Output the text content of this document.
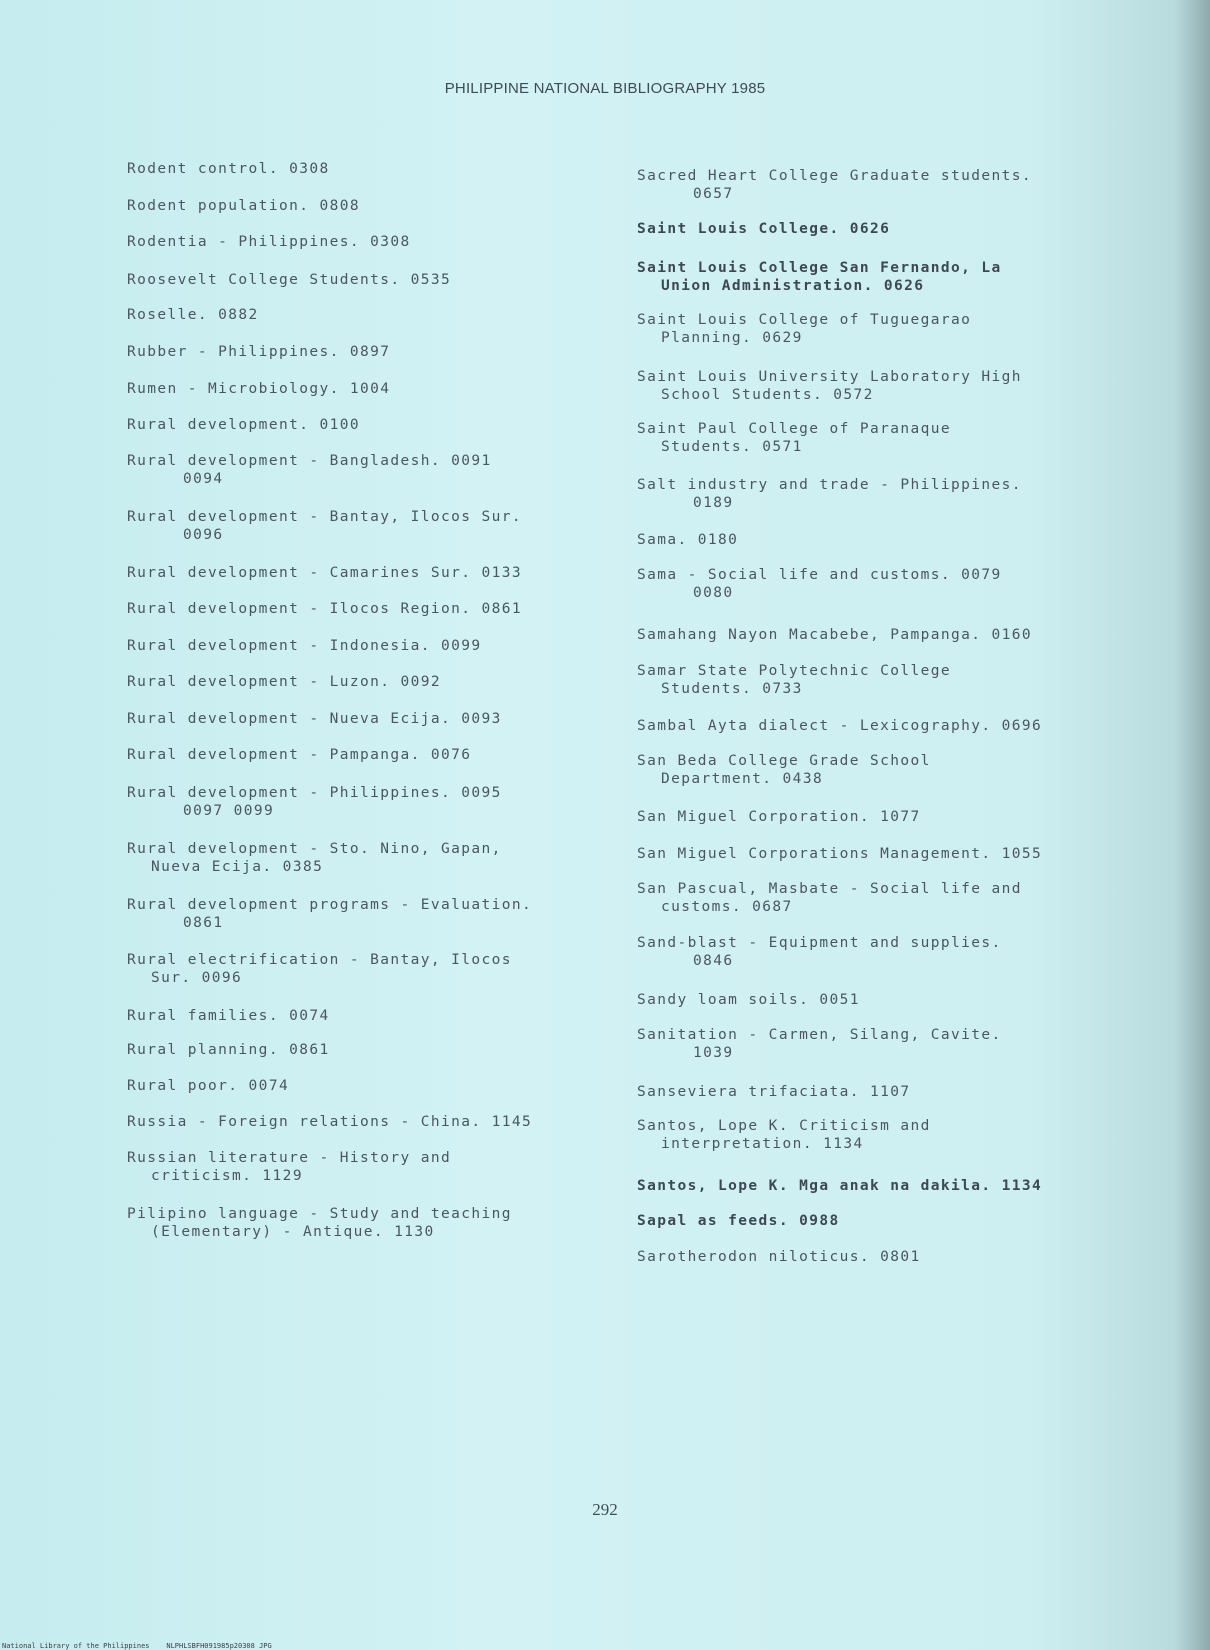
PHILIPPINE NATIONAL BIBLIOGRAPHY 1985
Rodent control. 0308
Rodent population. 0808
Rodentia - Philippines. 0308
Roosevelt College Students. 0535
Roselle. 0882
Rubber - Philippines. 0897
Rumen - Microbiology. 1004
Rural development. 0100
Rural development - Bangladesh. 0091
0094
Rural development - Bantay, Ilocos Sur.
0096
Rural development - Camarines Sur. 0133
Rural development - Ilocos Region. 0861
Rural development - Indonesia. 0099
Rural development - Luzon. 0092
Rural development - Nueva Ecija. 0093
Rural development - Pampanga. 0076
Rural development - Philippines. 0095
0097 0099
Rural development - Sto. Nino, Gapan,
Nueva Ecija. 0385
Rural development programs - Evaluation.
0861
Rural electrification - Bantay, Ilocos
Sur. 0096
Rural families. 0074
Rural planning. 0861
Rural poor. 0074
Russia - Foreign relations - China. 1145
Russian literature - History and
criticism. 1129
Pilipino language - Study and teaching
(Elementary) - Antique. 1130
Sacred Heart College Graduate students.
0657
Saint Louis College. 0626
Saint Louis College San Fernando, La
Union Administration. 0626
Saint Louis College of Tuguegarao
Planning. 0629
Saint Louis University Laboratory High
School Students. 0572
Saint Paul College of Paranaque
Students. 0571
Salt industry and trade - Philippines.
0189
Sama. 0180
Sama - Social life and customs. 0079
0080
Samahang Nayon Macabebe, Pampanga. 0160
Samar State Polytechnic College
Students. 0733
Sambal Ayta dialect - Lexicography. 0696
San Beda College Grade School
Department. 0438
San Miguel Corporation. 1077
San Miguel Corporations Management. 1055
San Pascual, Masbate - Social life and
customs. 0687
Sand-blast - Equipment and supplies.
0846
Sandy loam soils. 0051
Sanitation - Carmen, Silang, Cavite.
1039
Sanseviera trifaciata. 1107
Santos, Lope K. Criticism and
interpretation. 1134
Santos, Lope K. Mga anak na dakila. 1134
Sapal as feeds. 0988
Sarotherodon niloticus. 0801
292
National Library of the Philippines    NLPHLSBFH091985p20308 JPG
